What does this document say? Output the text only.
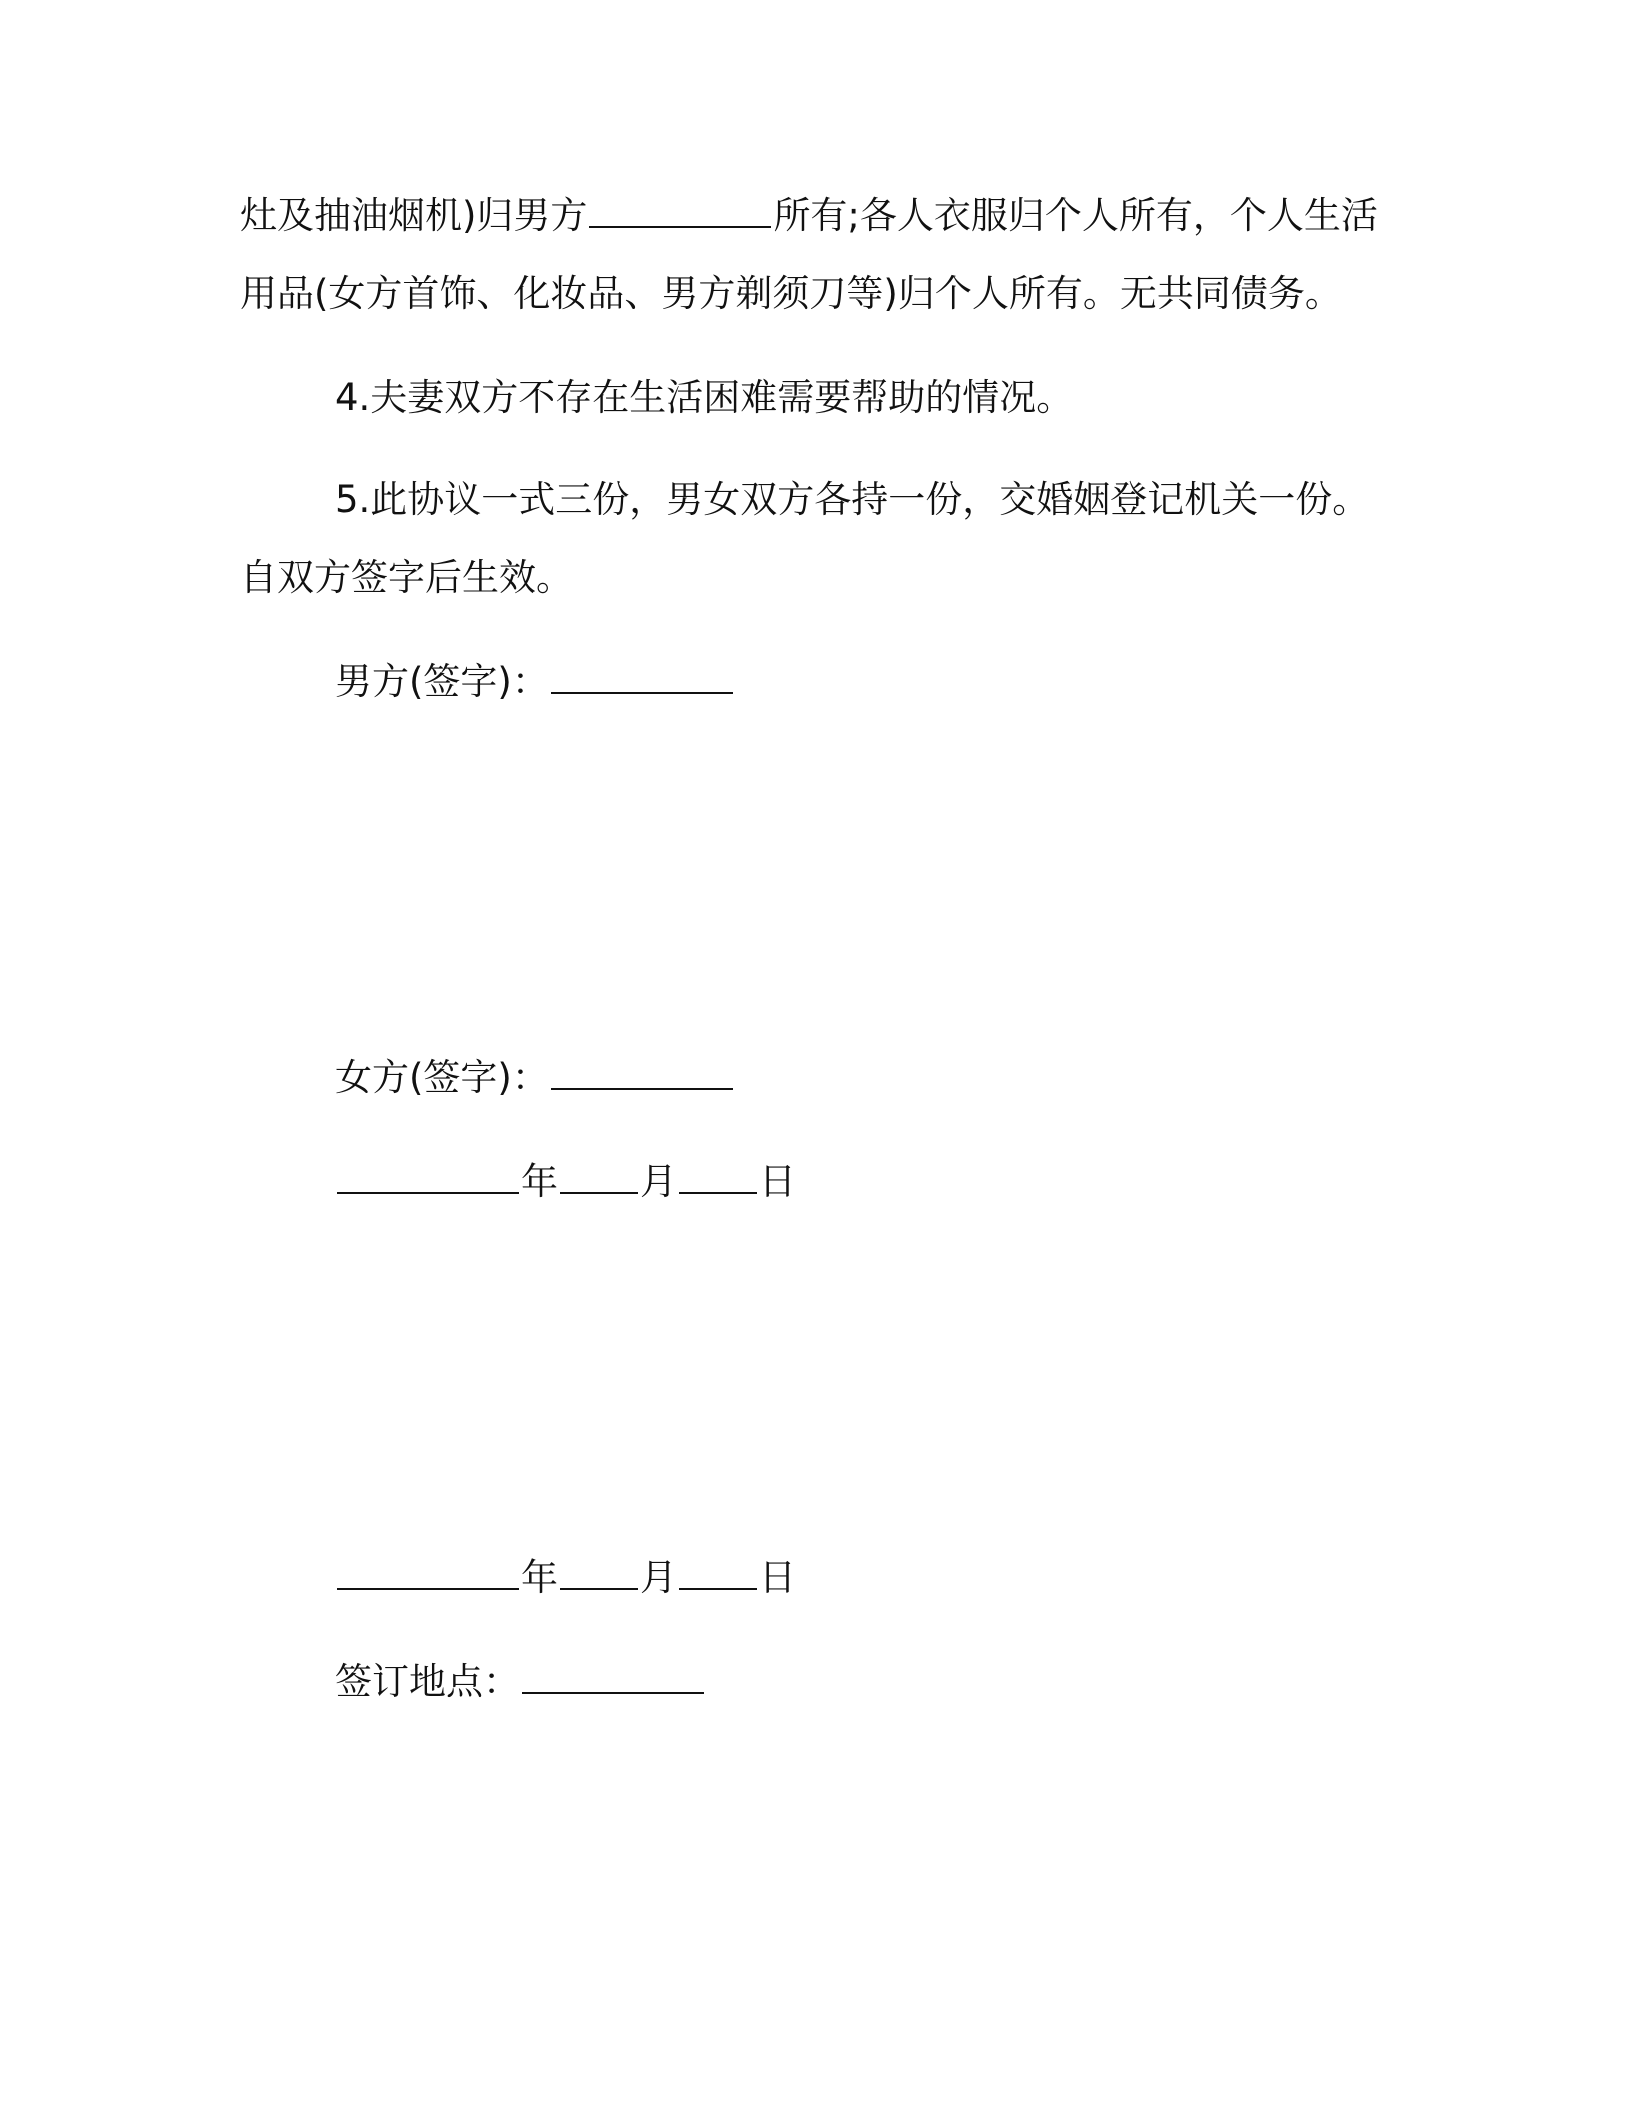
灶及抽油烟机)归男方	所有;各人衣服归个人所有，个人生活
用品(女方首饰、化妆品、男方剃须刀等)归个人所有。无共同债务。
4.夫妻双方不存在生活困难需要帮助的情况。
5.此协议一式三份，男女双方各持一份，交婚姻登记机关一份。
自双方签字后生效。
男方(签字)：
女方(签字)：
年 月 日
年 月 日
签订地点：
